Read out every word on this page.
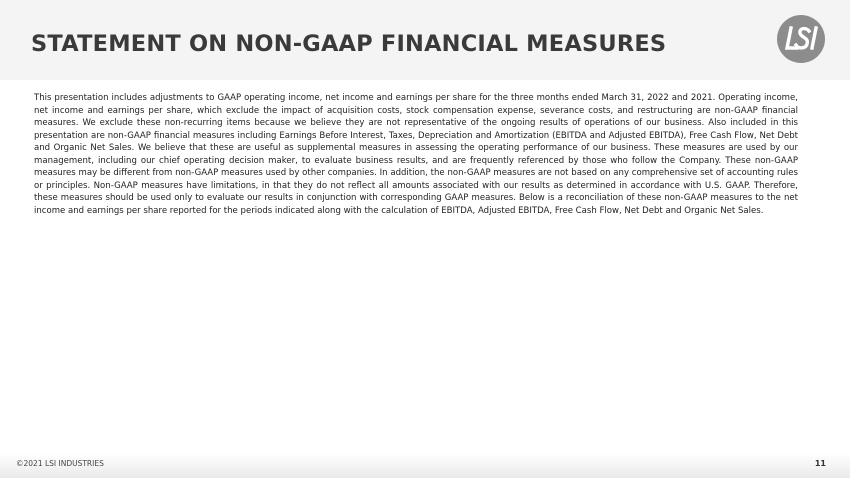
STATEMENT ON NON-GAAP FINANCIAL MEASURES
LSI

This presentation includes adjustments to GAAP operating income, net income and earnings per share for the three months ended March 31, 2022 and 2021. Operating income, net income and earnings per share, which exclude the impact of acquisition costs, stock compensation expense, severance costs, and restructuring are non-GAAP financial measures. We exclude these non-recurring items because we believe they are not representative of the ongoing results of operations of our business. Also included in this presentation are non-GAAP financial measures including Earnings Before Interest, Taxes, Depreciation and Amortization (EBITDA and Adjusted EBITDA), Free Cash Flow, Net Debt and Organic Net Sales. We believe that these are useful as supplemental measures in assessing the operating performance of our business. These measures are used by our management, including our chief operating decision maker, to evaluate business results, and are frequently referenced by those who follow the Company. These non-GAAP measures may be different from non-GAAP measures used by other companies. In addition, the non-GAAP measures are not based on any comprehensive set of accounting rules or principles. Non-GAAP measures have limitations, in that they do not reflect all amounts associated with our results as determined in accordance with U.S. GAAP. Therefore, these measures should be used only to evaluate our results in conjunction with corresponding GAAP measures. Below is a reconciliation of these non-GAAP measures to the net income and earnings per share reported for the periods indicated along with the calculation of EBITDA, Adjusted EBITDA, Free Cash Flow, Net Debt and Organic Net Sales.

©2021 LSI INDUSTRIES	11
